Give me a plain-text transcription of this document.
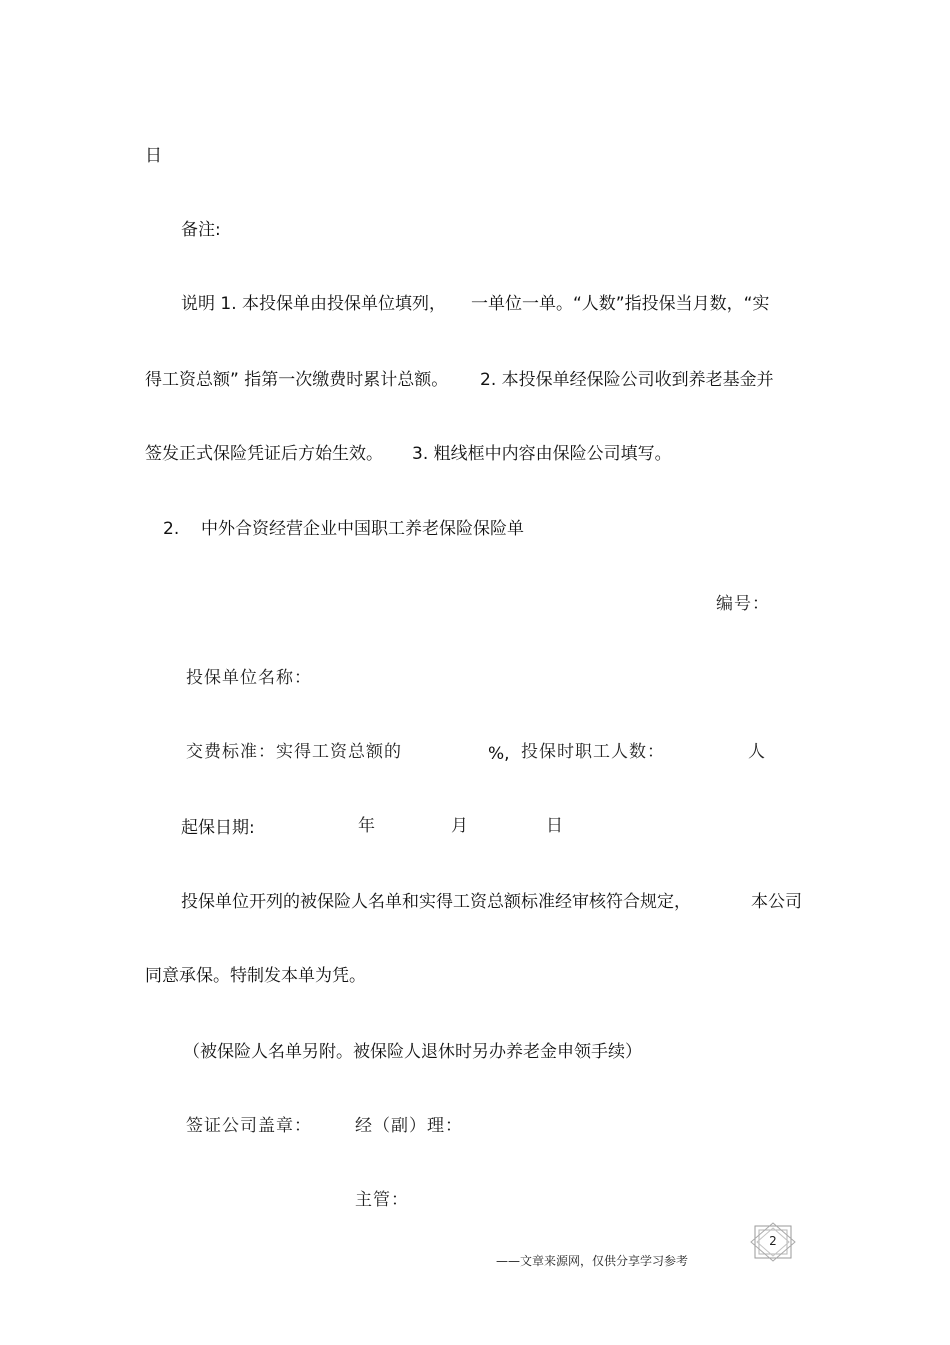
日
备注:
说明 1. 本投保单由投保单位填列， 一单位一单。“人数”指投保当月数，“实
得工资总额” 指第一次缴费时累计总额。 2. 本投保单经保险公司收到养老基金并
签发正式保险凭证后方始生效。 3. 粗线框中内容由保险公司填写。
2. 中外合资经营企业中国职工养老保险保险单
编号：
投保单位名称：
交费标准：实得工资总额的	%, 投保时职工人数：	人
起保日期:	年	月	日
投保单位开列的被保险人名单和实得工资总额标准经审核符合规定，	本公司
同意承保。特制发本单为凭。
（被保险人名单另附。被保险人退休时另办养老金申领手续）
签证公司盖章：	经（副）理：
主管：
——文章来源网，仅供分享学习参考
2
